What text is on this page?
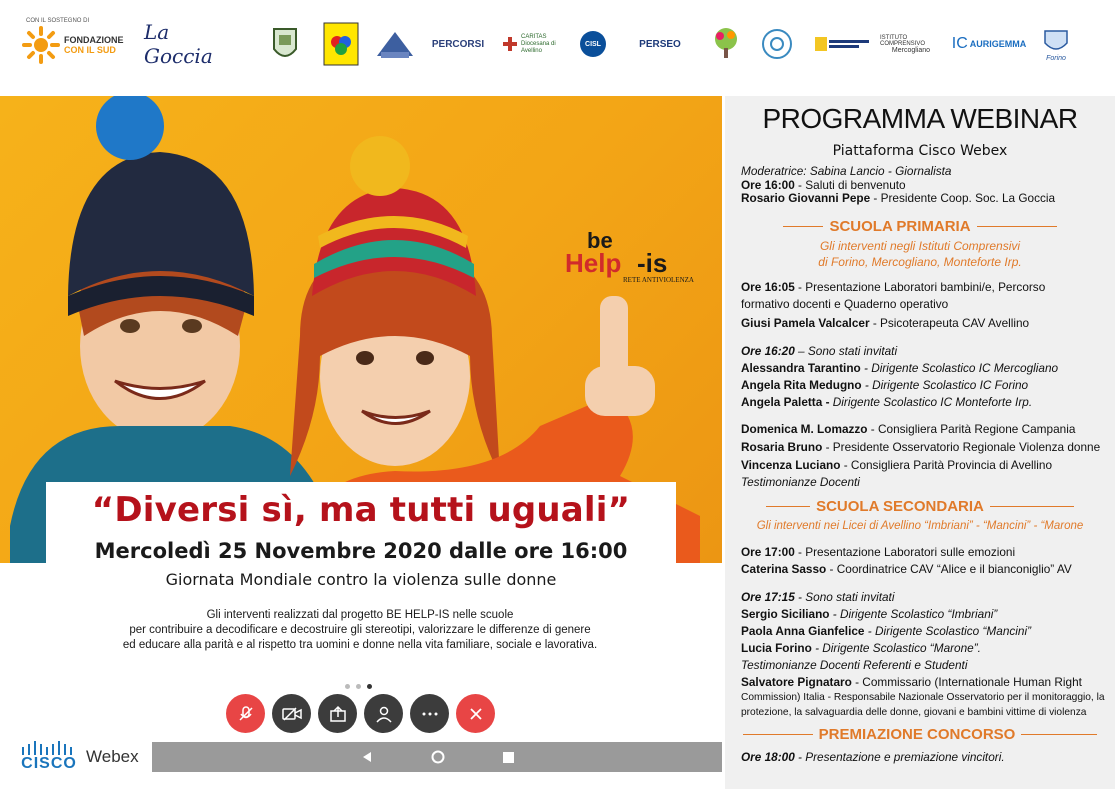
CON IL SOSTEGNO DI
FONDAZIONE
CON IL SUD
La Goccia	PERCORSI
CARITAS Diocesana di Avellino
CISL	PERSEO
ISTITUTO COMPRENSIVO
Mercogliano IC AURIGEMMA
Forino
be
Help -is
RETE ANTIVIOLENZA
“Diversi sì, ma tutti uguali”
Mercoledì 25 Novembre 2020 dalle ore 16:00
Giornata Mondiale contro la violenza sulle donne
Gli interventi realizzati dal progetto BE HELP-IS nelle scuole
per contribuire a decodificare e decostruire gli stereotipi, valorizzare le differenze di genere
ed educare alla parità e al rispetto tra uomini e donne nella vita familiare, sociale e lavorativa.
CISCO Webex
PROGRAMMA WEBINAR
Piattaforma Cisco Webex
Moderatrice: Sabina Lancio - Giornalista
Ore 16:00 - Saluti di benvenuto
Rosario Giovanni Pepe - Presidente Coop. Soc. La Goccia
SCUOLA PRIMARIA
Gli interventi negli Istituti Comprensivi
di Forino, Mercogliano, Monteforte Irp.
Ore 16:05 - Presentazione Laboratori bambini/e, Percorso
formativo docenti e Quaderno operativo
Giusi Pamela Valcalcer - Psicoterapeuta CAV Avellino
Ore 16:20 – Sono stati invitati
Alessandra Tarantino - Dirigente Scolastico IC Mercogliano
Angela Rita Medugno - Dirigente Scolastico IC Forino
Angela Paletta - Dirigente Scolastico IC Monteforte Irp.
Domenica M. Lomazzo - Consigliera Parità Regione Campania
Rosaria Bruno - Presidente Osservatorio Regionale Violenza donne
Vincenza Luciano - Consigliera Parità Provincia di Avellino
Testimonianze Docenti
SCUOLA SECONDARIA
Gli interventi nei Licei di Avellino “Imbriani” - “Mancini” - “Marone
Ore 17:00 - Presentazione Laboratori sulle emozioni
Caterina Sasso - Coordinatrice CAV “Alice e il bianconiglio” AV
Ore 17:15 - Sono stati invitati
Sergio Siciliano - Dirigente Scolastico “Imbriani”
Paola Anna Gianfelice - Dirigente Scolastico “Mancini”
Lucia Forino - Dirigente Scolastico “Marone”.
Testimonianze Docenti Referenti e Studenti
Salvatore Pignataro - Commissario (Internationale Human Right
Commission) Italia - Responsabile Nazionale Osservatorio per il monitoraggio, la
protezione, la salvaguardia delle donne, giovani e bambini vittime di violenza
PREMIAZIONE CONCORSO
Ore 18:00 - Presentazione e premiazione vincitori.
